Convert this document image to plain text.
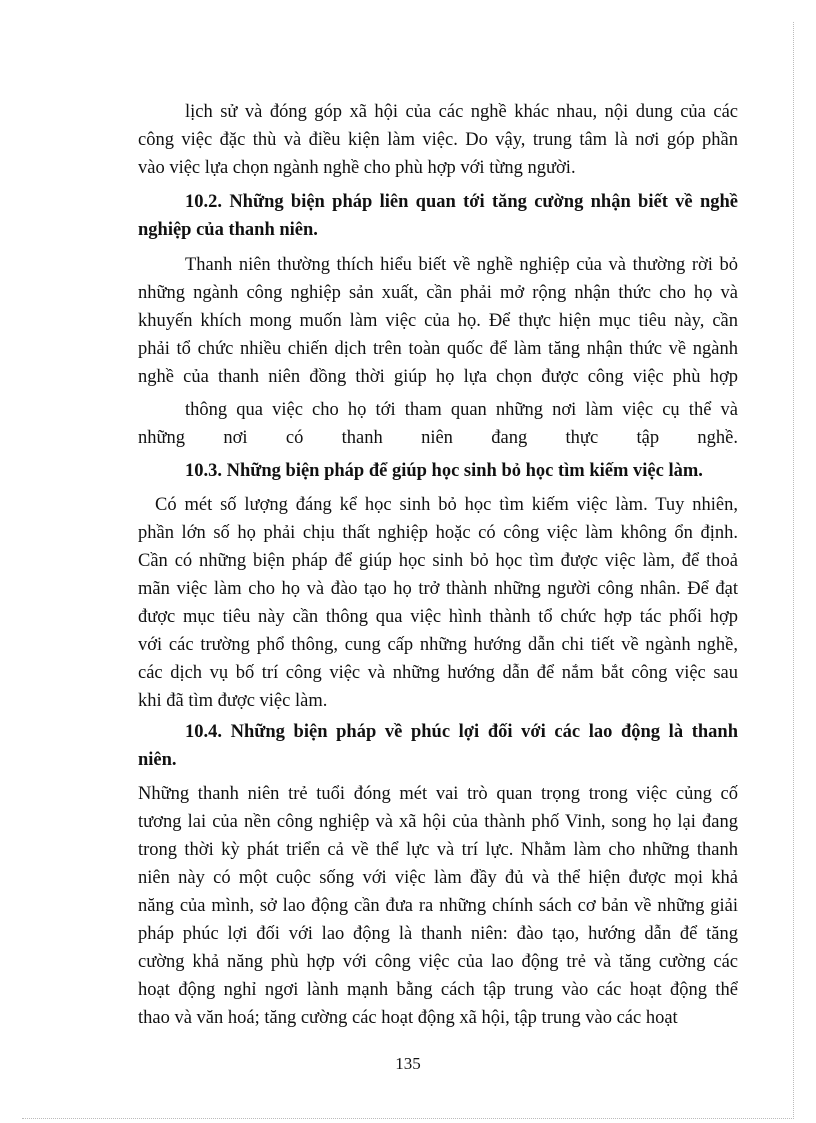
lịch sử và đóng góp xã hội của các nghề khác nhau, nội dung của các
công việc đặc thù và điều kiện làm việc. Do vậy, trung tâm là nơi góp phần
vào việc lựa chọn ngành nghề cho phù hợp với từng người.
10.2. Những biện pháp liên quan tới tăng cường nhận biết về nghề
nghiệp của thanh niên.
Thanh niên thường thích hiểu biết về nghề nghiệp của và thường rời bỏ
những ngành công nghiệp sản xuất, cần phải mở rộng nhận thức cho họ và
khuyến khích mong muốn làm việc của họ. Để thực hiện mục tiêu này, cần
phải tổ chức nhiều chiến dịch trên toàn quốc để làm tăng nhận thức về ngành
nghề của thanh niên đồng thời giúp họ lựa chọn được công việc phù hợp
thông qua việc cho họ tới tham quan những nơi làm việc cụ thể và
những nơi có thanh niên đang thực tập nghề.
10.3. Những biện pháp để giúp học sinh bỏ học tìm kiếm việc làm.
Có mét số lượng đáng kể học sinh bỏ học tìm kiếm việc làm. Tuy nhiên,
phần lớn số họ phải chịu thất nghiệp hoặc có công việc làm không ổn định.
Cần có những biện pháp để giúp học sinh bỏ học tìm được việc làm, để thoả
mãn việc làm cho họ và đào tạo họ trở thành những người công nhân. Để đạt
được mục tiêu này cần thông qua việc hình thành tổ chức hợp tác phối hợp
với các trường phổ thông, cung cấp những hướng dẫn chi tiết về ngành nghề,
các dịch vụ bố trí công việc và những hướng dẫn để nắm bắt công việc sau
khi đã tìm được việc làm.
10.4. Những biện pháp về phúc lợi đối với các lao động là thanh
niên.
Những thanh niên trẻ tuổi đóng mét vai trò quan trọng trong việc củng cố
tương lai của nền công nghiệp và xã hội của thành phố Vinh, song họ lại đang
trong thời kỳ phát triển cả về thể lực và trí lực. Nhằm làm cho những thanh
niên này có một cuộc sống với việc làm đầy đủ và thể hiện được mọi khả
năng của mình, sở lao động cần đưa ra những chính sách cơ bản về những giải
pháp phúc lợi đối với lao động là thanh niên: đào tạo, hướng dẫn để tăng
cường khả năng phù hợp với công việc của lao động trẻ và tăng cường các
hoạt động nghỉ ngơi lành mạnh bằng cách tập trung vào các hoạt động thể
thao và văn hoá; tăng cường các hoạt động xã hội, tập trung vào các hoạt
135
